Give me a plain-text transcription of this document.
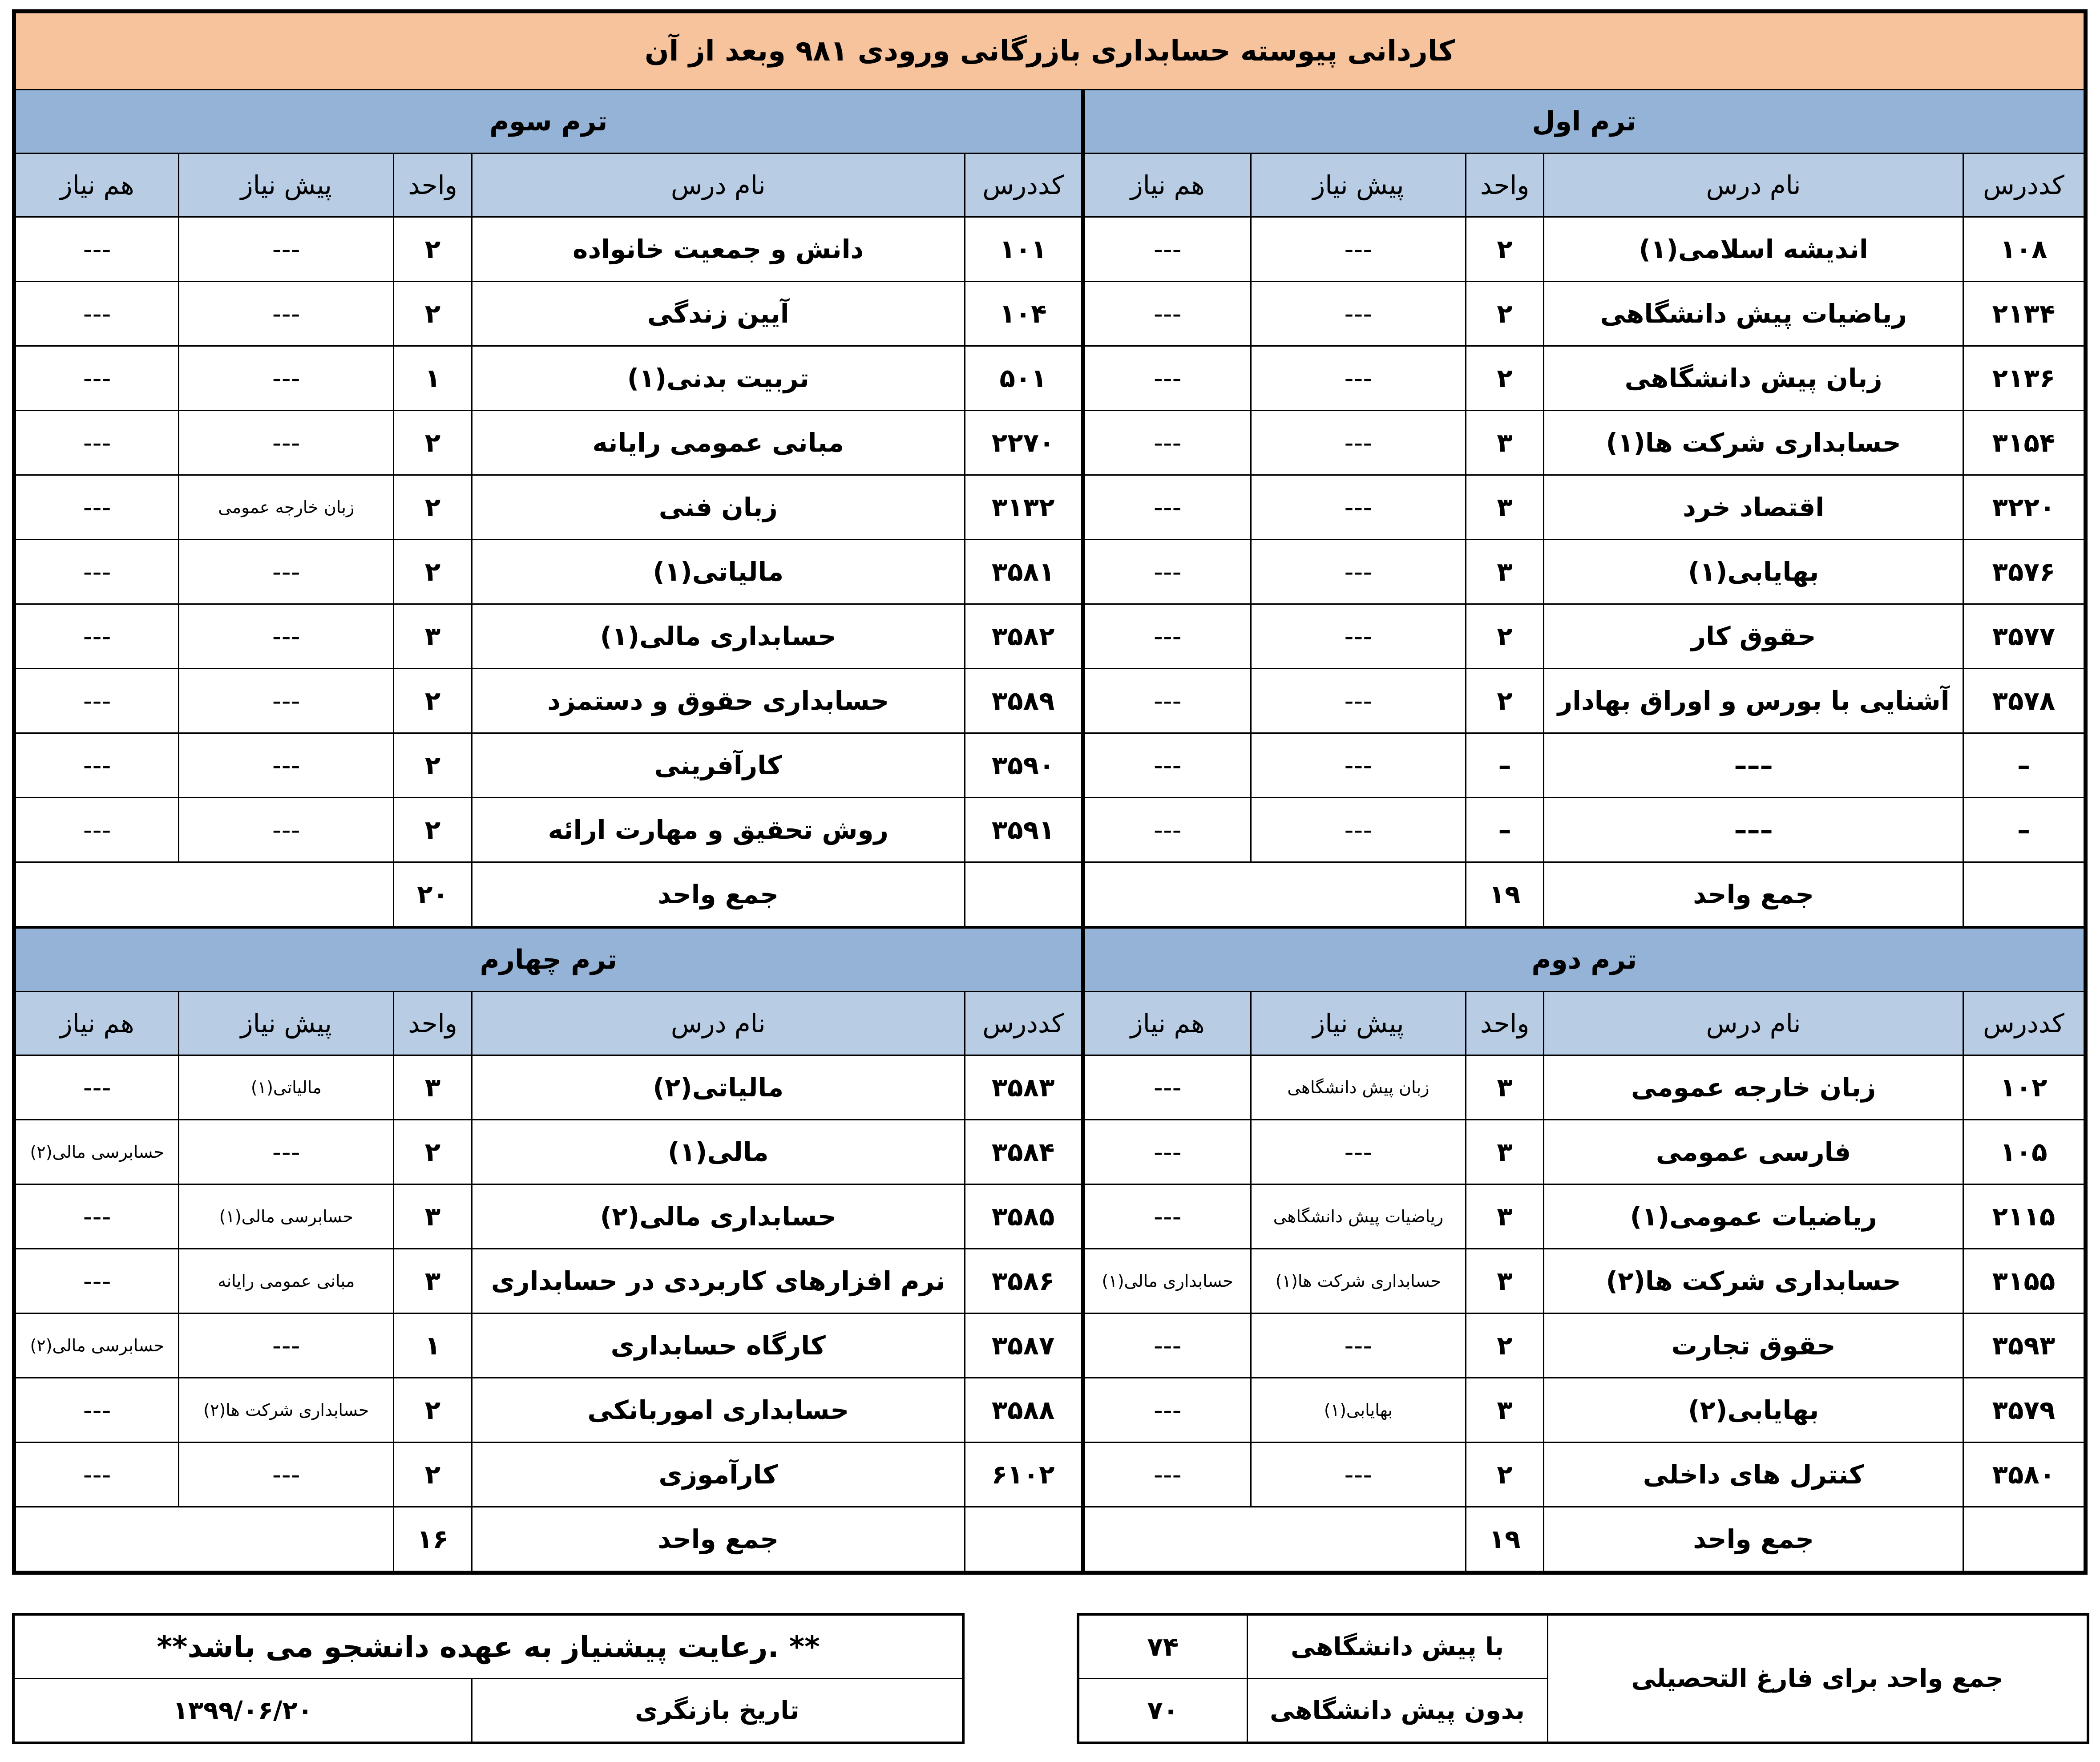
کاردانی پیوسته حسابداری بازرگانی ورودی ۹۸۱ وبعد از آن									
ترم سوم					ترم اول				
هم نیاز	پیش نیاز	واحد	نام درس	کددرس	هم نیاز	پیش نیاز	واحد	نام درس	کددرس
---	---	۲	دانش و جمعیت خانواده	۱۰۱	---	---	۲	اندیشه اسلامی(۱)	۱۰۸
---	---	۲	آیین زندگی	۱۰۴	---	---	۲	ریاضیات پیش دانشگاهی	۲۱۳۴
---	---	۱	تربیت بدنی(۱)	۵۰۱	---	---	۲	زبان پیش دانشگاهی	۲۱۳۶
---	---	۲	مبانی عمومی رایانه	۲۲۷۰	---	---	۳	حسابداری شرکت ها(۱)	۳۱۵۴
---	زبان خارجه عمومی	۲	زبان فنی	۳۱۳۲	---	---	۳	اقتصاد خرد	۳۲۲۰
---	---	۲	مالیاتی(۱)	۳۵۸۱	---	---	۳	بهایابی(۱)	۳۵۷۶
---	---	۳	حسابداری مالی(۱)	۳۵۸۲	---	---	۲	حقوق کار	۳۵۷۷
---	---	۲	حسابداری حقوق و دستمزد	۳۵۸۹	---	---	۲	آشنایی با بورس و اوراق بهادار	۳۵۷۸
---	---	۲	کارآفرینی	۳۵۹۰	---	---	–	–––	–
---	---	۲	روش تحقیق و مهارت ارائه	۳۵۹۱	---	---	–	–––	–
		۲۰	جمع واحد				۱۹	جمع واحد	
ترم چهارم					ترم دوم				
هم نیاز	پیش نیاز	واحد	نام درس	کددرس	هم نیاز	پیش نیاز	واحد	نام درس	کددرس
---	مالیاتی(۱)	۳	مالیاتی(۲)	۳۵۸۳	---	زبان پیش دانشگاهی	۳	زبان خارجه عمومی	۱۰۲
حسابرسی مالی(۲)	---	۲	مالی(۱)	۳۵۸۴	---	---	۳	فارسی عمومی	۱۰۵
---	حسابرسی مالی(۱)	۳	حسابداری مالی(۲)	۳۵۸۵	---	ریاضیات پیش دانشگاهی	۳	ریاضیات عمومی(۱)	۲۱۱۵
---	مبانی عمومی رایانه	۳	نرم افزارهای کاربردی در حسابداری	۳۵۸۶	حسابداری مالی(۱)	حسابداری شرکت ها(۱)	۳	حسابداری شرکت ها(۲)	۳۱۵۵
حسابرسی مالی(۲)	---	۱	کارگاه حسابداری	۳۵۸۷	---	---	۲	حقوق تجارت	۳۵۹۳
---	حسابداری شرکت ها(۲)	۲	حسابداری اموربانکی	۳۵۸۸	---	بهایابی(۱)	۳	بهایابی(۲)	۳۵۷۹
---	---	۲	کارآموزی	۶۱۰۲	---	---	۲	کنترل های داخلی	۳۵۸۰
		۱۶	جمع واحد				۱۹	جمع واحد	
۷۴	با پیش دانشگاهی	جمع واحد برای فارغ التحصیلی
۷۰	بدون پیش دانشگاهی	
**رعایت پیشنیاز به عهده دانشجو می باشد. **
۱۳۹۹/۰۶/۲۰	تاریخ بازنگری
